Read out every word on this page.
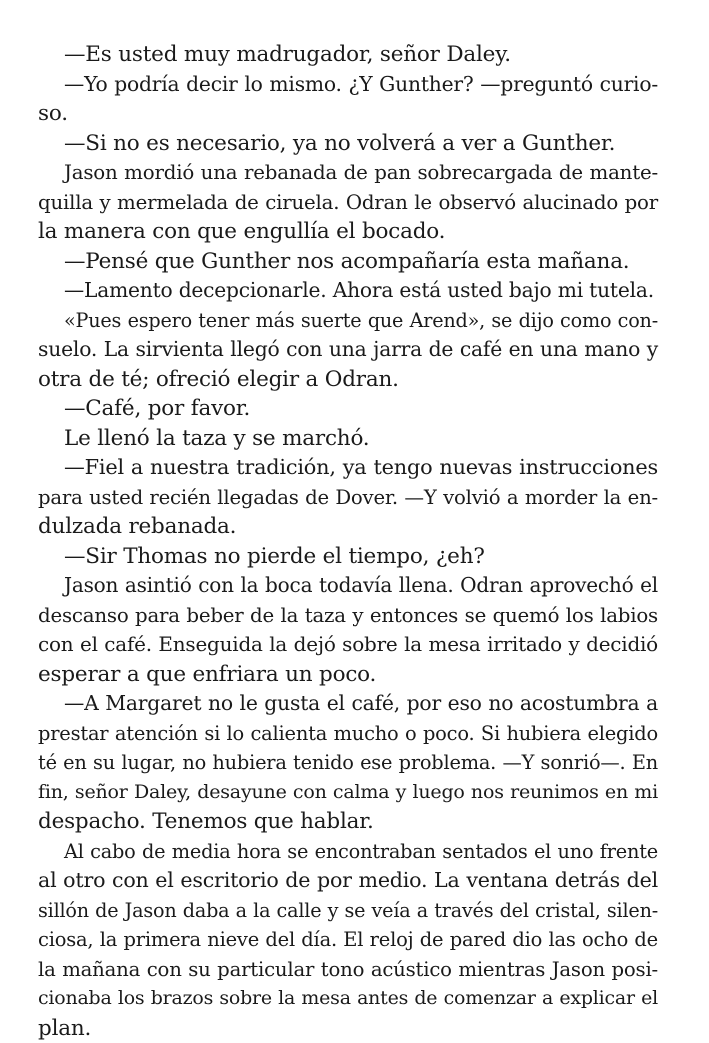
—Es usted muy madrugador, señor Daley.
—Yo podría decir lo mismo. ¿Y Gunther? —preguntó curio-
so.
—Si no es necesario, ya no volverá a ver a Gunther.
Jason mordió una rebanada de pan sobrecargada de mante-
quilla y mermelada de ciruela. Odran le observó alucinado por
la manera con que engullía el bocado.
—Pensé que Gunther nos acompañaría esta mañana.
—Lamento decepcionarle. Ahora está usted bajo mi tutela.
«Pues espero tener más suerte que Arend», se dijo como con-
suelo. La sirvienta llegó con una jarra de café en una mano y
otra de té; ofreció elegir a Odran.
—Café, por favor.
Le llenó la taza y se marchó.
—Fiel a nuestra tradición, ya tengo nuevas instrucciones
para usted recién llegadas de Dover. —Y volvió a morder la en-
dulzada rebanada.
—Sir Thomas no pierde el tiempo, ¿eh?
Jason asintió con la boca todavía llena. Odran aprovechó el
descanso para beber de la taza y entonces se quemó los labios
con el café. Enseguida la dejó sobre la mesa irritado y decidió
esperar a que enfriara un poco.
—A Margaret no le gusta el café, por eso no acostumbra a
prestar atención si lo calienta mucho o poco. Si hubiera elegido
té en su lugar, no hubiera tenido ese problema. —Y sonrió—. En
fin, señor Daley, desayune con calma y luego nos reunimos en mi
despacho. Tenemos que hablar.
Al cabo de media hora se encontraban sentados el uno frente
al otro con el escritorio de por medio. La ventana detrás del
sillón de Jason daba a la calle y se veía a través del cristal, silen-
ciosa, la primera nieve del día. El reloj de pared dio las ocho de
la mañana con su particular tono acústico mientras Jason posi-
cionaba los brazos sobre la mesa antes de comenzar a explicar el
plan.
